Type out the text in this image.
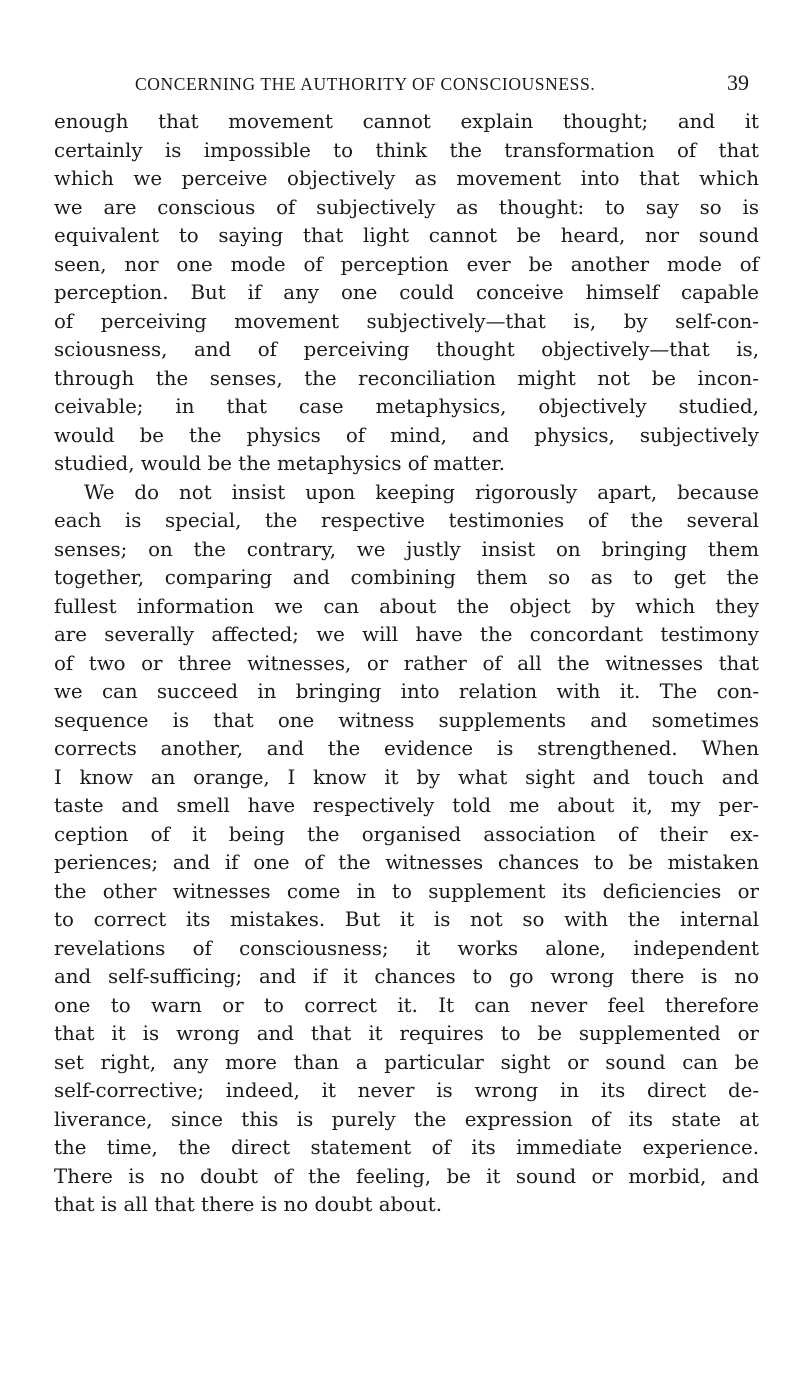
CONCERNING THE AUTHORITY OF CONSCIOUSNESS.	39
enough that movement cannot explain thought; and it
certainly is impossible to think the transformation of that
which we perceive objectively as movement into that which
we are conscious of subjectively as thought: to say so is
equivalent to saying that light cannot be heard, nor sound
seen, nor one mode of perception ever be another mode of
perception. But if any one could conceive himself capable
of perceiving movement subjectively—that is, by self-con-
sciousness, and of perceiving thought objectively—that is,
through the senses, the reconciliation might not be incon-
ceivable; in that case metaphysics, objectively studied,
would be the physics of mind, and physics, subjectively
studied, would be the metaphysics of matter.
We do not insist upon keeping rigorously apart, because
each is special, the respective testimonies of the several
senses; on the contrary, we justly insist on bringing them
together, comparing and combining them so as to get the
fullest information we can about the object by which they
are severally affected; we will have the concordant testimony
of two or three witnesses, or rather of all the witnesses that
we can succeed in bringing into relation with it. The con-
sequence is that one witness supplements and sometimes
corrects another, and the evidence is strengthened. When
I know an orange, I know it by what sight and touch and
taste and smell have respectively told me about it, my per-
ception of it being the organised association of their ex-
periences; and if one of the witnesses chances to be mistaken
the other witnesses come in to supplement its deficiencies or
to correct its mistakes. But it is not so with the internal
revelations of consciousness; it works alone, independent
and self-sufficing; and if it chances to go wrong there is no
one to warn or to correct it. It can never feel therefore
that it is wrong and that it requires to be supplemented or
set right, any more than a particular sight or sound can be
self-corrective; indeed, it never is wrong in its direct de-
liverance, since this is purely the expression of its state at
the time, the direct statement of its immediate experience.
There is no doubt of the feeling, be it sound or morbid, and
that is all that there is no doubt about.
